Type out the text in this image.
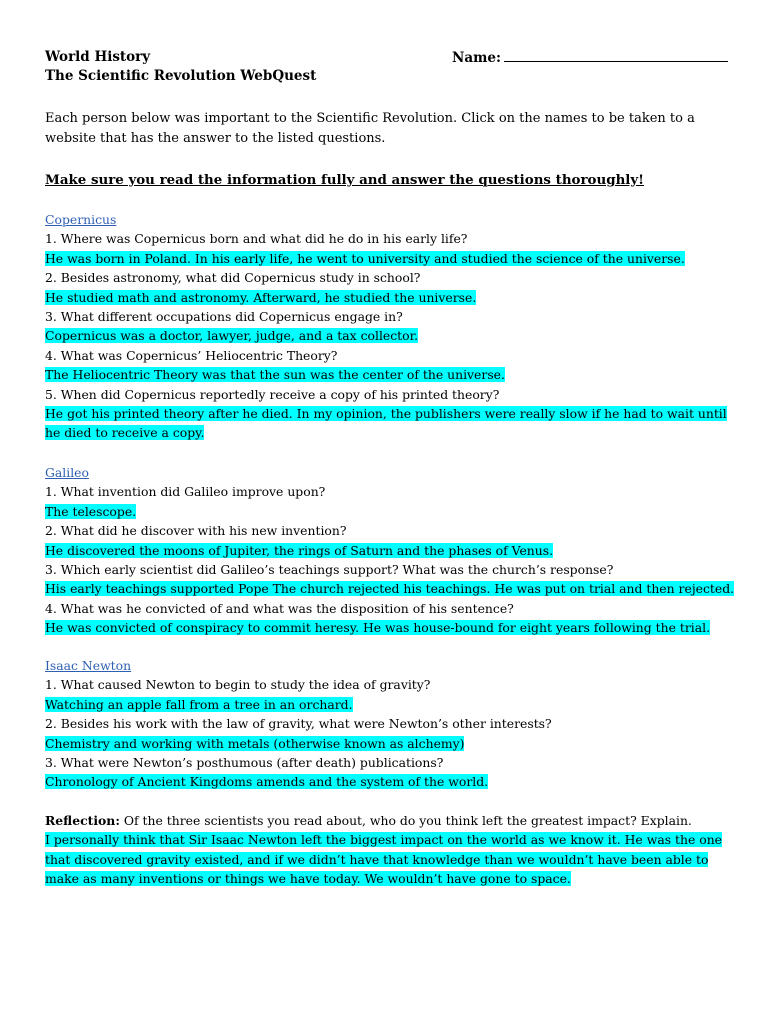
World History
The Scientific Revolution WebQuest
Name:
Each person below was important to the Scientific Revolution. Click on the names to be taken to a website that has the answer to the listed questions.
Make sure you read the information fully and answer the questions thoroughly!
Copernicus
1. Where was Copernicus born and what did he do in his early life?
He was born in Poland. In his early life, he went to university and studied the science of the universe.
2. Besides astronomy, what did Copernicus study in school?
He studied math and astronomy. Afterward, he studied the universe.
3. What different occupations did Copernicus engage in?
Copernicus was a doctor, lawyer, judge, and a tax collector.
4. What was Copernicus’ Heliocentric Theory?
The Heliocentric Theory was that the sun was the center of the universe.
5. When did Copernicus reportedly receive a copy of his printed theory?
He got his printed theory after he died. In my opinion, the publishers were really slow if he had to wait until he died to receive a copy.
Galileo
1. What invention did Galileo improve upon?
The telescope.
2. What did he discover with his new invention?
He discovered the moons of Jupiter, the rings of Saturn and the phases of Venus.
3. Which early scientist did Galileo’s teachings support? What was the church’s response?
His early teachings supported Pope The church rejected his teachings. He was put on trial and then rejected.
4. What was he convicted of and what was the disposition of his sentence?
He was convicted of conspiracy to commit heresy. He was house-bound for eight years following the trial.
Isaac Newton
1. What caused Newton to begin to study the idea of gravity?
Watching an apple fall from a tree in an orchard.
2. Besides his work with the law of gravity, what were Newton’s other interests?
Chemistry and working with metals (otherwise known as alchemy)
3. What were Newton’s posthumous (after death) publications?
Chronology of Ancient Kingdoms amends and the system of the world.
Reflection: Of the three scientists you read about, who do you think left the greatest impact? Explain.
I personally think that Sir Isaac Newton left the biggest impact on the world as we know it. He was the one that discovered gravity existed, and if we didn’t have that knowledge than we wouldn’t have been able to make as many inventions or things we have today. We wouldn’t have gone to space.
